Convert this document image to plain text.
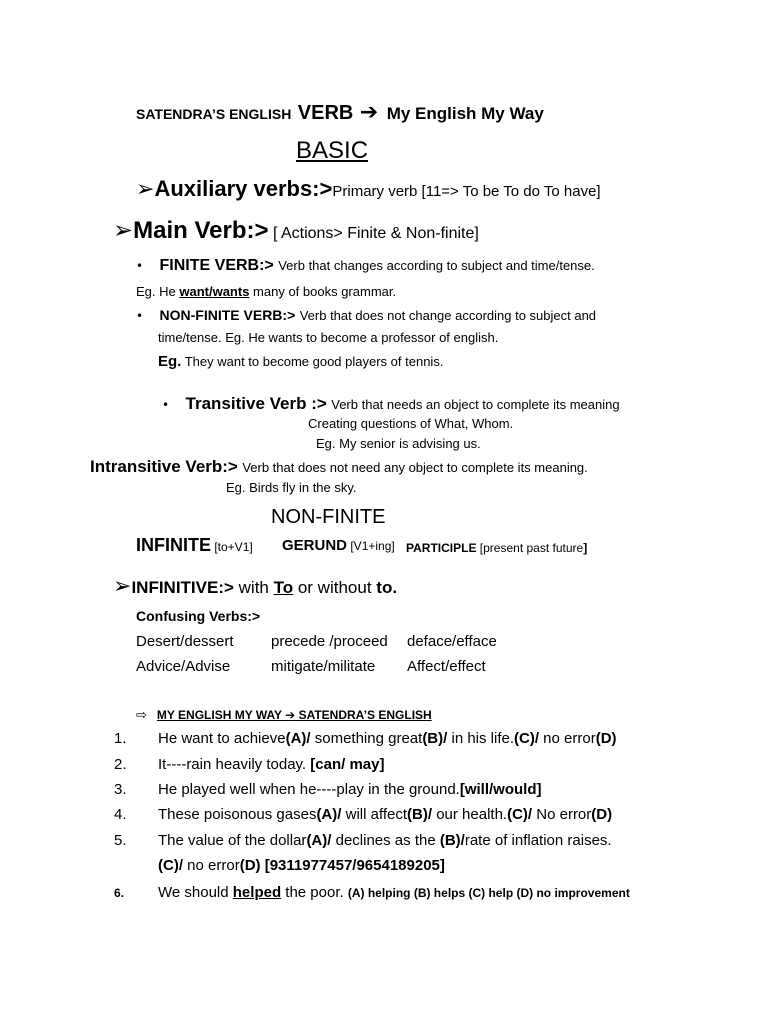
SATENDRA’S ENGLISH VERB ➔ My English My Way
BASIC
➢Auxiliary verbs:>Primary verb [11=> To be To do To have]
➢Main Verb:> [ Actions> Finite & Non-finite]
• FINITE VERB:> Verb that changes according to subject and time/tense.
Eg. He want/wants many of books grammar.
• NON-FINITE VERB:> Verb that does not change according to subject and
time/tense. Eg. He wants to become a professor of english.
Eg. They want to become good players of tennis.
• Transitive Verb :> Verb that needs an object to complete its meaning
Creating questions of What, Whom.
Eg. My senior is advising us.
Intransitive Verb:> Verb that does not need any object to complete its meaning.
Eg. Birds fly in the sky.
NON-FINITE
INFINITE [to+V1] GERUND [V1+ing] PARTICIPLE [present past future]
➢INFINITIVE:> with To or without to.
Confusing Verbs:>
Desert/dessert precede /proceed deface/efface
Advice/Advise	mitigate/militate Affect/effect
⇨ MY ENGLISH MY WAY ➔ SATENDRA’S ENGLISH
1. He want to achieve(A)/ something great(B)/ in his life.(C)/ no error(D)
2. It----rain heavily today. [can/ may]
3. He played well when he----play in the ground.[will/would]
4. These poisonous gases(A)/ will affect(B)/ our health.(C)/ No error(D)
5. The value of the dollar(A)/ declines as the (B)/rate of inflation raises.
(C)/ no error(D) [9311977457/9654189205]
6. We should helped the poor. (A) helping (B) helps (C) help (D) no improvement
